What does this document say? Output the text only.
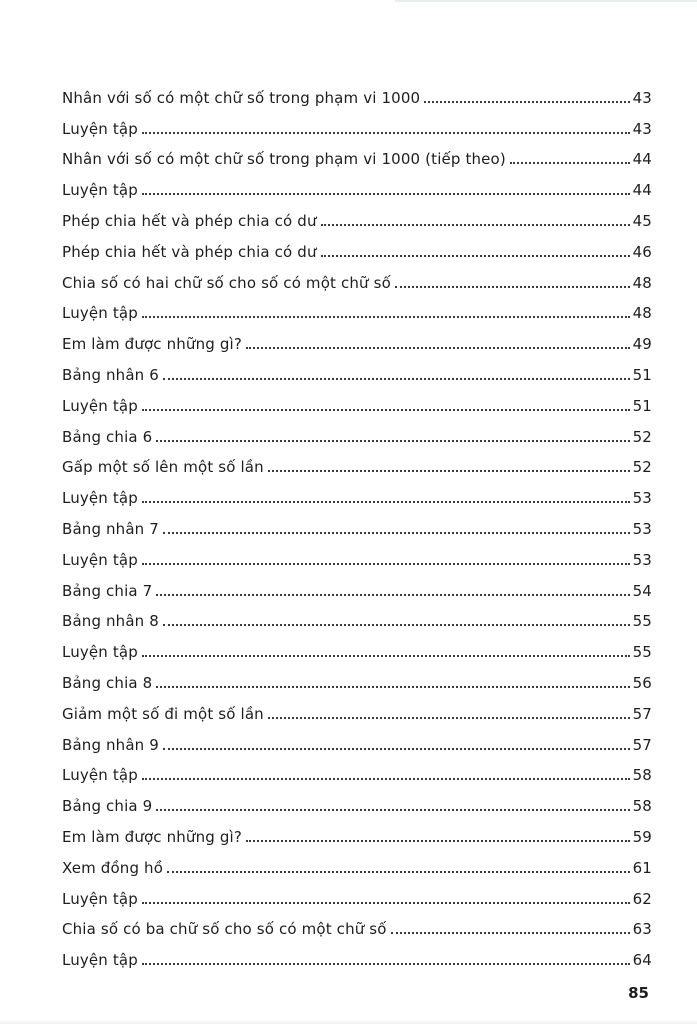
Nhân với số có một chữ số trong phạm vi 1000	43
Luyện tập	43
Nhân với số có một chữ số trong phạm vi 1000 (tiếp theo)	44
Luyện tập	44
Phép chia hết và phép chia có dư	45
Phép chia hết và phép chia có dư	46
Chia số có hai chữ số cho số có một chữ số	48
Luyện tập	48
Em làm được những gì?	49
Bảng nhân 6	51
Luyện tập	51
Bảng chia 6	52
Gấp một số lên một số lần	52
Luyện tập	53
Bảng nhân 7	53
Luyện tập	53
Bảng chia 7	54
Bảng nhân 8	55
Luyện tập	55
Bảng chia 8	56
Giảm một số đi một số lần	57
Bảng nhân 9	57
Luyện tập	58
Bảng chia 9	58
Em làm được những gì?	59
Xem đồng hồ	61
Luyện tập	62
Chia số có ba chữ số cho số có một chữ số	63
Luyện tập	64
85
